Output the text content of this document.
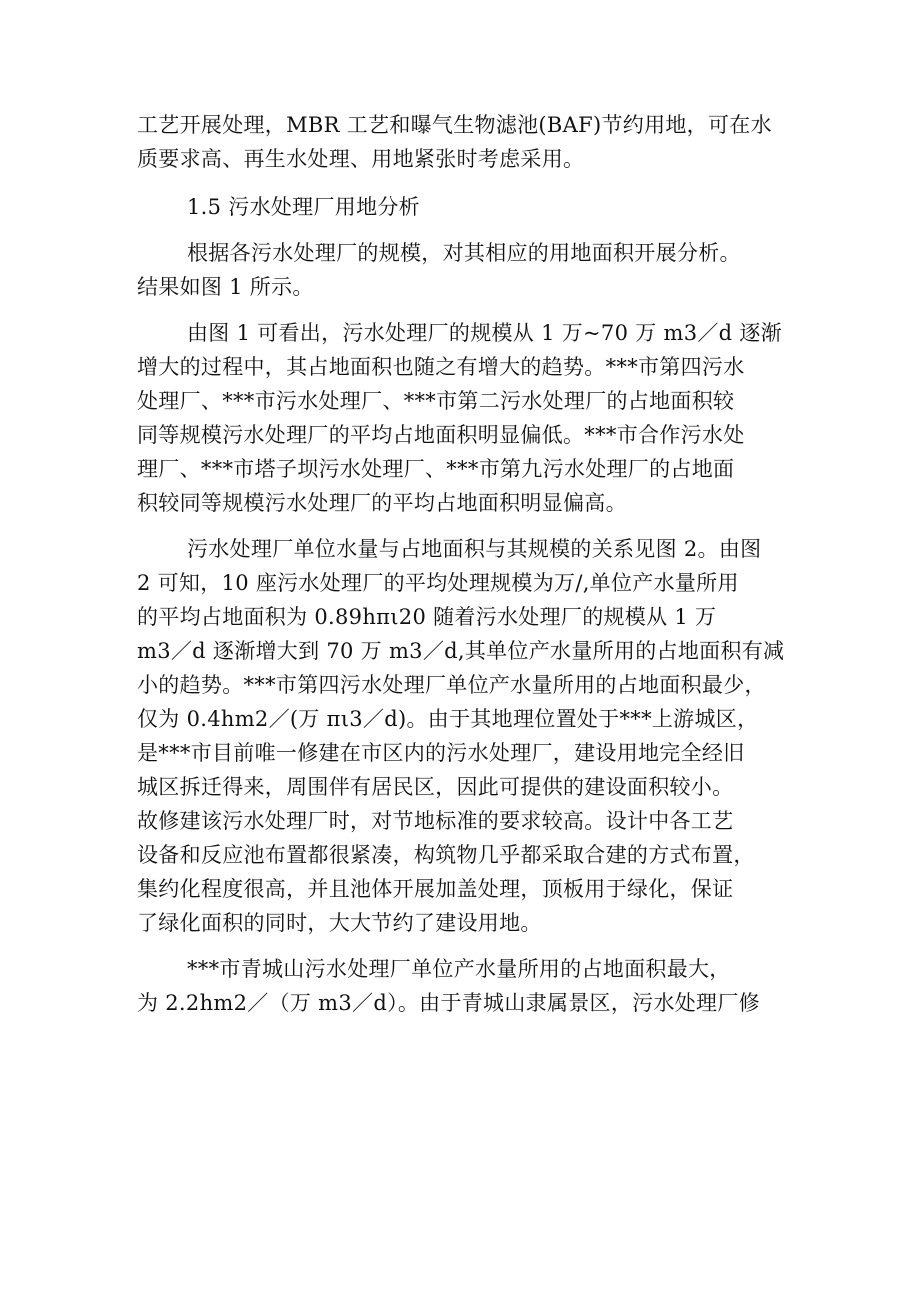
工艺开展处理，MBR 工艺和曝气生物滤池(BAF)节约用地，可在水
质要求高、再生水处理、用地紧张时考虑采用。

1.5 污水处理厂用地分析

根据各污水处理厂的规模，对其相应的用地面积开展分析。
结果如图 1 所示。

由图 1 可看出，污水处理厂的规模从 1 万~70 万 m3／d 逐渐
增大的过程中，其占地面积也随之有增大的趋势。***市第四污水
处理厂、***市污水处理厂、***市第二污水处理厂的占地面积较
同等规模污水处理厂的平均占地面积明显偏低。***市合作污水处
理厂、***市塔子坝污水处理厂、***市第九污水处理厂的占地面
积较同等规模污水处理厂的平均占地面积明显偏高。

污水处理厂单位水量与占地面积与其规模的关系见图 2。由图
2 可知，10 座污水处理厂的平均处理规模为万/,单位产水量所用
的平均占地面积为 0.89hπι20 随着污水处理厂的规模从 1 万
m3／d 逐渐增大到 70 万 m3／d,其单位产水量所用的占地面积有减
小的趋势。***市第四污水处理厂单位产水量所用的占地面积最少，
仅为 0.4hm2／(万 πι3／d)。由于其地理位置处于***上游城区，
是***市目前唯一修建在市区内的污水处理厂，建设用地完全经旧
城区拆迁得来，周围伴有居民区，因此可提供的建设面积较小。
故修建该污水处理厂时，对节地标准的要求较高。设计中各工艺
设备和反应池布置都很紧凑，构筑物几乎都采取合建的方式布置，
集约化程度很高，并且池体开展加盖处理，顶板用于绿化，保证
了绿化面积的同时，大大节约了建设用地。

***市青城山污水处理厂单位产水量所用的占地面积最大，
为 2.2hm2／（万 m3／d）。由于青城山隶属景区，污水处理厂修
